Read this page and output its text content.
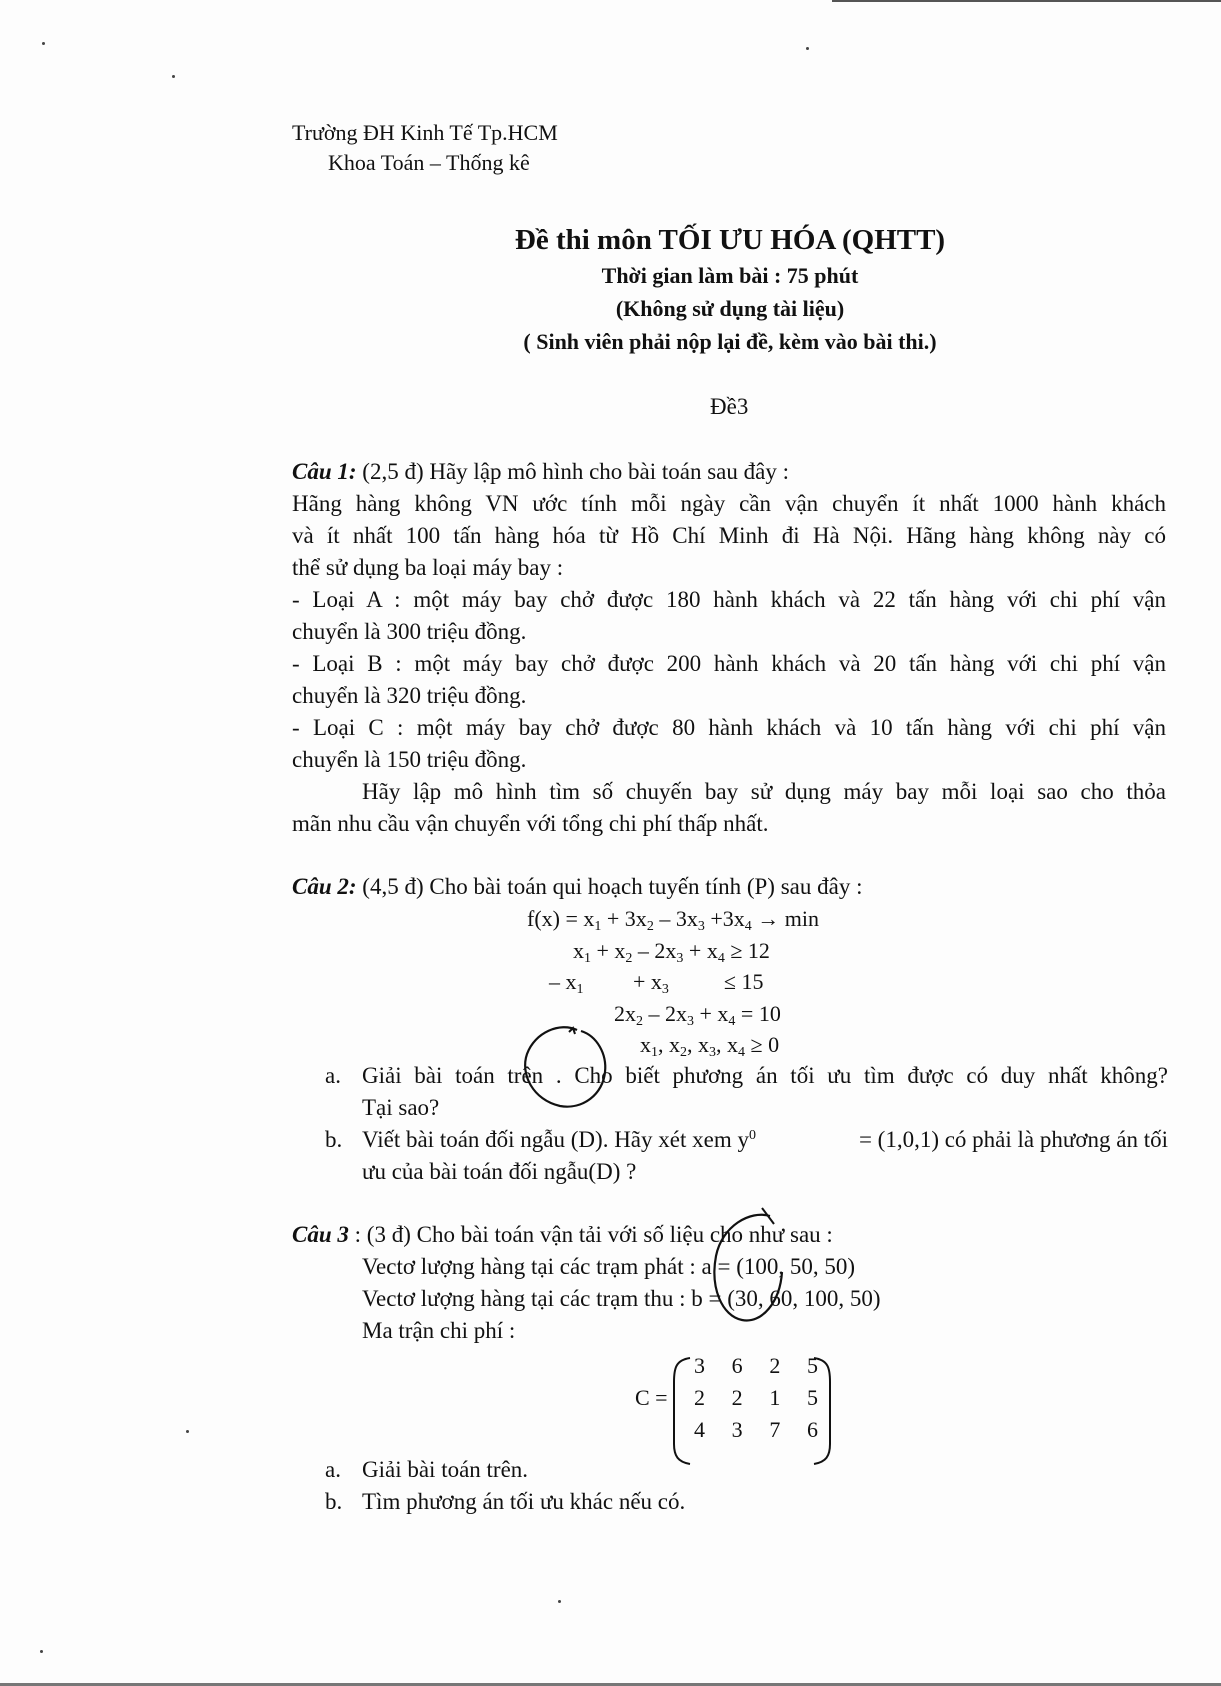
Trường ĐH Kinh Tế Tp.HCM
Khoa Toán – Thống kê
Đề thi môn TỐI ƯU HÓA (QHTT)
Thời gian làm bài : 75 phút
(Không sử dụng tài liệu)
( Sinh viên phải nộp lại đề, kèm vào bài thi.)
Đề3
Câu 1: (2,5 đ) Hãy lập mô hình cho bài toán sau đây :
Hãng hàng không VN ước tính mỗi ngày cần vận chuyển ít nhất 1000 hành khách
và ít nhất 100 tấn hàng hóa từ Hồ Chí Minh đi Hà Nội. Hãng hàng không này có
thể sử dụng ba loại máy bay :
- Loại A : một máy bay chở được 180 hành khách và 22 tấn hàng với chi phí vận
chuyển là 300 triệu đồng.
- Loại B : một máy bay chở được 200 hành khách và 20 tấn hàng với chi phí vận
chuyển là 320 triệu đồng.
- Loại C : một máy bay chở được 80 hành khách và 10 tấn hàng với chi phí vận
chuyển là 150 triệu đồng.
Hãy lập mô hình tìm số chuyến bay sử dụng máy bay mỗi loại sao cho thỏa
mãn nhu cầu vận chuyển với tổng chi phí thấp nhất.
Câu 2: (4,5 đ) Cho bài toán qui hoạch tuyến tính (P) sau đây :
$f(x) = x_1 + 3x_2 - 3x_3 +3x_4 \to \min$
$x_1 + x_2 - 2x_3 + x_4 \ge 12$
– $x_1$         + $x_3$	≤ 15
$2x_2 - 2x_3 + x_4 = 10$
$x_1$, $x_2$, $x_3$, $x_4 \ge 0$
a. Giải bài toán trên . Cho biết phương án tối ưu tìm được có duy nhất không?
Tại sao?
b. Viết bài toán đối ngẫu (D). Hãy xét xem $y^0$	= (1,0,1) có phải là phương án tối
ưu của bài toán đối ngẫu(D) ?
Câu 3 : (3 đ) Cho bài toán vận tải với số liệu cho như sau :
Vectơ lượng hàng tại các trạm phát : a = (100, 50, 50)
Vectơ lượng hàng tại các trạm thu : b = (30, 60, 100, 50)
Ma trận chi phí :
C =
3 6 2 5
2 2 1 5
4 3 7 6
a. Giải bài toán trên.
b. Tìm phương án tối ưu khác nếu có.
